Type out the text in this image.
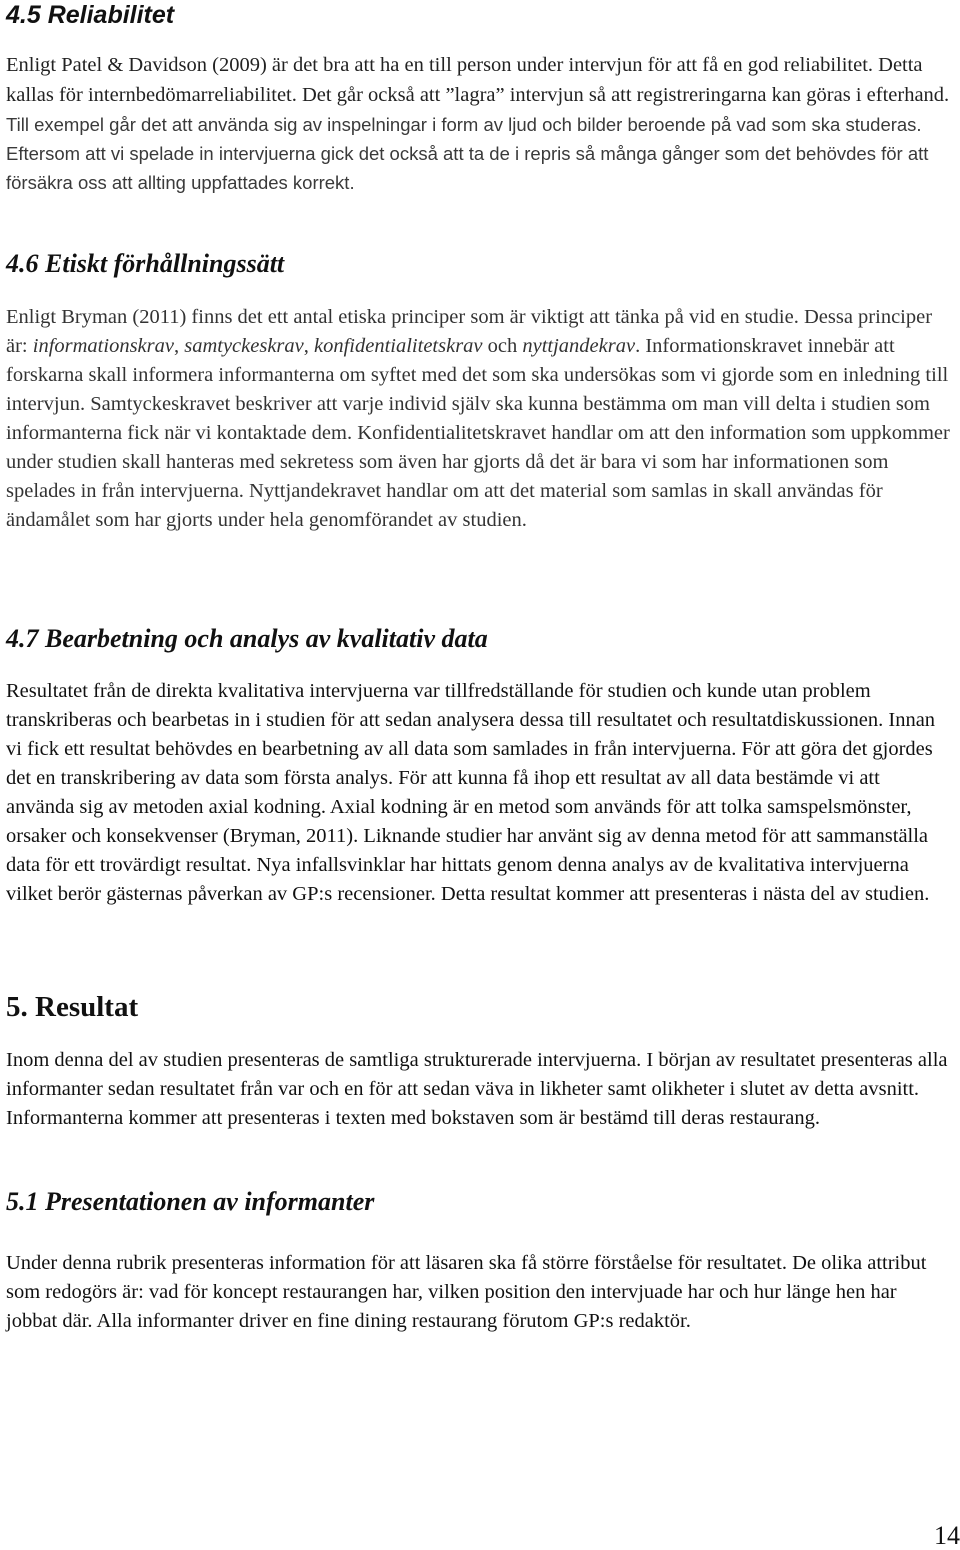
4.5 Reliabilitet

Enligt Patel & Davidson (2009) är det bra att ha en till person under intervjun för att få en god reliabilitet. Detta kallas för internbedömarreliabilitet. Det går också att ”lagra” intervjun så att registreringarna kan göras i efterhand. Till exempel går det att använda sig av inspelningar i form av ljud och bilder beroende på vad som ska studeras. Eftersom att vi spelade in intervjuerna gick det också att ta de i repris så många gånger som det behövdes för att försäkra oss att allting uppfattades korrekt.

4.6 Etiskt förhållningssätt

Enligt Bryman (2011) finns det ett antal etiska principer som är viktigt att tänka på vid en studie. Dessa principer är: informationskrav, samtyckeskrav, konfidentialitetskrav och nyttjandekrav. Informationskravet innebär att forskarna skall informera informanterna om syftet med det som ska undersökas som vi gjorde som en inledning till intervjun. Samtyckeskravet beskriver att varje individ själv ska kunna bestämma om man vill delta i studien som informanterna fick när vi kontaktade dem. Konfidentialitetskravet handlar om att den information som uppkommer under studien skall hanteras med sekretess som även har gjorts då det är bara vi som har informationen som spelades in från intervjuerna. Nyttjandekravet handlar om att det material som samlas in skall användas för ändamålet som har gjorts under hela genomförandet av studien.

4.7 Bearbetning och analys av kvalitativ data

Resultatet från de direkta kvalitativa intervjuerna var tillfredställande för studien och kunde utan problem transkriberas och bearbetas in i studien för att sedan analysera dessa till resultatet och resultatdiskussionen. Innan vi fick ett resultat behövdes en bearbetning av all data som samlades in från intervjuerna. För att göra det gjordes det en transkribering av data som första analys. För att kunna få ihop ett resultat av all data bestämde vi att använda sig av metoden axial kodning. Axial kodning är en metod som används för att tolka samspelsmönster, orsaker och konsekvenser (Bryman, 2011). Liknande studier har använt sig av denna metod för att sammanställa data för ett trovärdigt resultat. Nya infallsvinklar har hittats genom denna analys av de kvalitativa intervjuerna vilket berör gästernas påverkan av GP:s recensioner. Detta resultat kommer att presenteras i nästa del av studien.

5. Resultat

Inom denna del av studien presenteras de samtliga strukturerade intervjuerna. I början av resultatet presenteras alla informanter sedan resultatet från var och en för att sedan väva in likheter samt olikheter i slutet av detta avsnitt. Informanterna kommer att presenteras i texten med bokstaven som är bestämd till deras restaurang.

5.1 Presentationen av informanter

Under denna rubrik presenteras information för att läsaren ska få större förståelse för resultatet. De olika attribut som redogörs är: vad för koncept restaurangen har, vilken position den intervjuade har och hur länge hen har jobbat där. Alla informanter driver en fine dining restaurang förutom GP:s redaktör.

14
